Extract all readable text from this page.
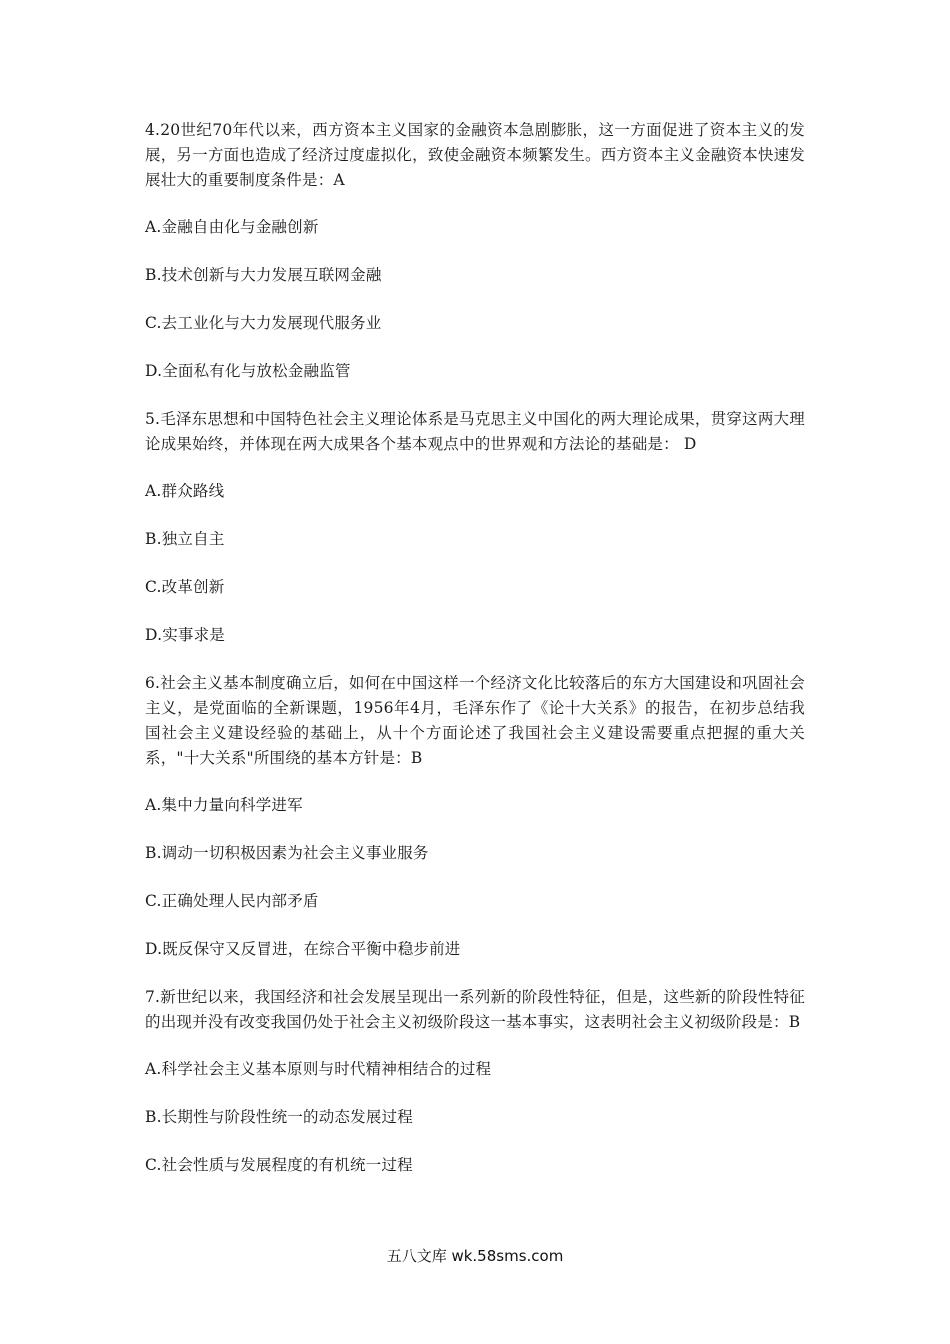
4.20世纪70年代以来，西方资本主义国家的金融资本急剧膨胀，这一方面促进了资本主义的发展，另一方面也造成了经济过度虚拟化，致使金融资本频繁发生。西方资本主义金融资本快速发展壮大的重要制度条件是：A

A.金融自由化与金融创新

B.技术创新与大力发展互联网金融

C.去工业化与大力发展现代服务业

D.全面私有化与放松金融监管

5.毛泽东思想和中国特色社会主义理论体系是马克思主义中国化的两大理论成果，贯穿这两大理论成果始终，并体现在两大成果各个基本观点中的世界观和方法论的基础是： D

A.群众路线

B.独立自主

C.改革创新

D.实事求是

6.社会主义基本制度确立后，如何在中国这样一个经济文化比较落后的东方大国建设和巩固社会主义，是党面临的全新课题，1956年4月，毛泽东作了《论十大关系》的报告，在初步总结我国社会主义建设经验的基础上，从十个方面论述了我国社会主义建设需要重点把握的重大关系，"十大关系"所围绕的基本方针是：B

A.集中力量向科学进军

B.调动一切积极因素为社会主义事业服务

C.正确处理人民内部矛盾

D.既反保守又反冒进，在综合平衡中稳步前进

7.新世纪以来，我国经济和社会发展呈现出一系列新的阶段性特征，但是，这些新的阶段性特征的出现并没有改变我国仍处于社会主义初级阶段这一基本事实，这表明社会主义初级阶段是：B

A.科学社会主义基本原则与时代精神相结合的过程

B.长期性与阶段性统一的动态发展过程

C.社会性质与发展程度的有机统一过程

五八文库 wk.58sms.com
